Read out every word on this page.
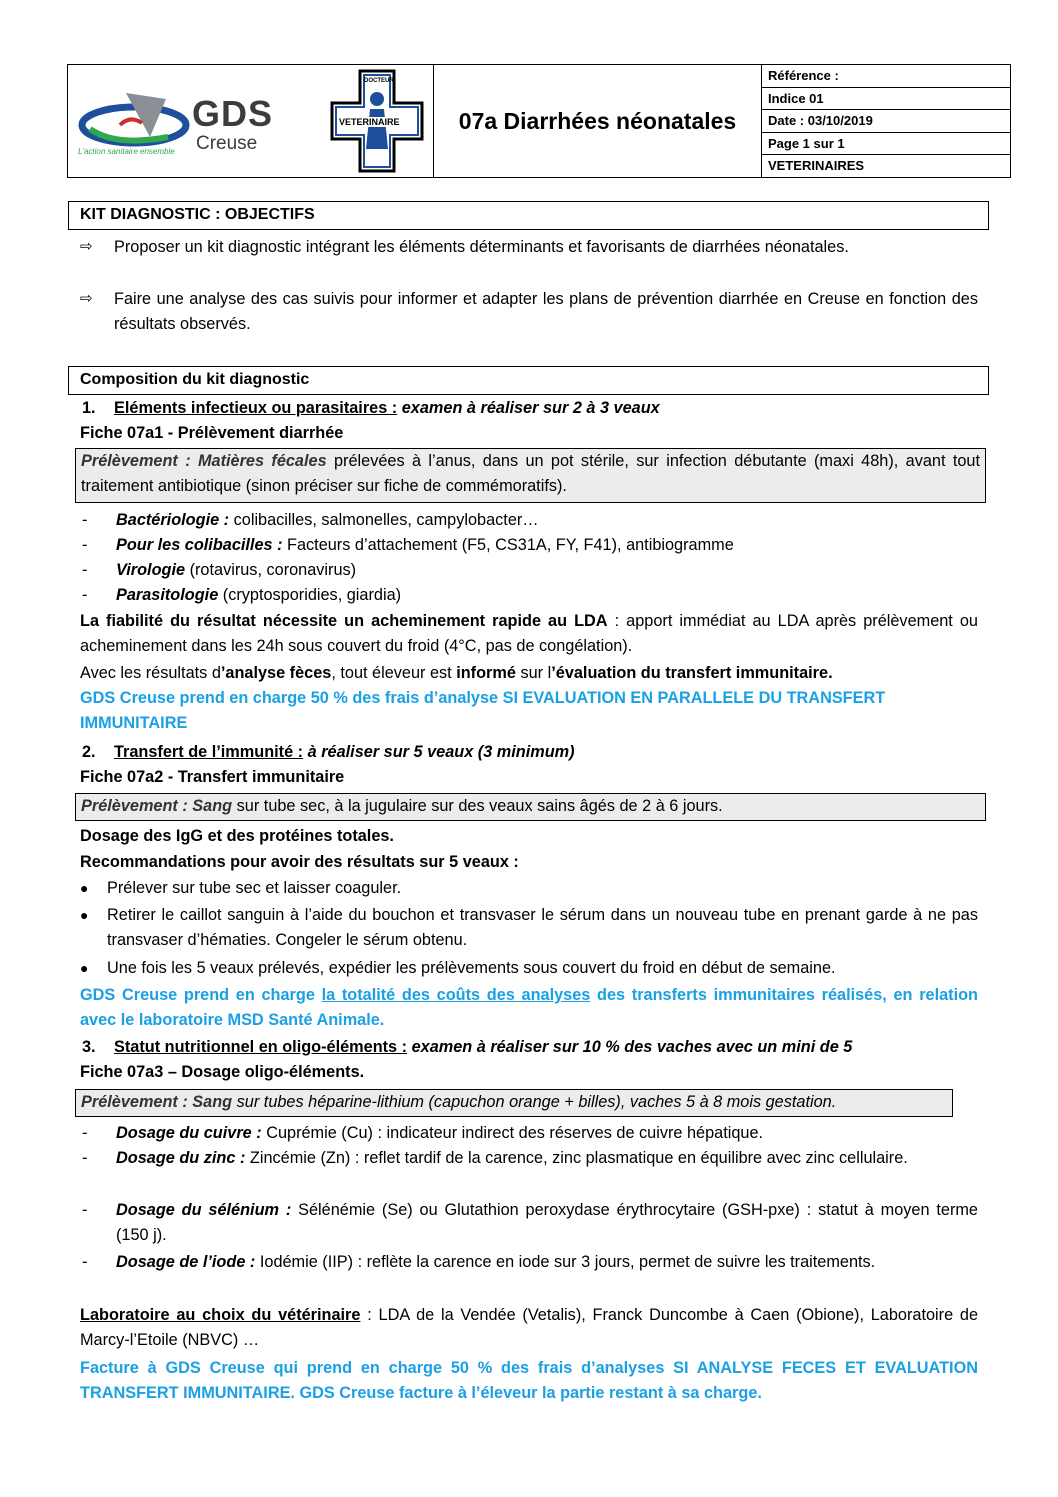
GDS
Creuse
L'action sanitaire ensemble
DOCTEUR
VETERINAIRE	07a Diarrhées néonatales
Référence :
Indice 01
Date : 03/10/2019
Page 1 sur 1
VETERINAIRES
KIT DIAGNOSTIC : OBJECTIFS
⇨	Proposer un kit diagnostic intégrant les éléments déterminants et favorisants de diarrhées néonatales.
⇨	Faire une analyse des cas suivis pour informer et adapter les plans de prévention diarrhée en Creuse en fonction des résultats observés.
Composition du kit diagnostic
1. Eléments infectieux ou parasitaires : examen à réaliser sur 2 à 3 veaux
Fiche 07a1 - Prélèvement diarrhée
Prélèvement : Matières fécales prélevées à l’anus, dans un pot stérile, sur infection débutante (maxi 48h), avant tout traitement antibiotique (sinon préciser sur fiche de commémoratifs).
- Bactériologie : colibacilles, salmonelles, campylobacter…
- Pour les colibacilles : Facteurs d’attachement (F5, CS31A, FY, F41), antibiogramme
- Virologie (rotavirus, coronavirus)
- Parasitologie (cryptosporidies, giardia)
La fiabilité du résultat nécessite un acheminement rapide au LDA : apport immédiat au LDA après prélèvement ou acheminement dans les 24h sous couvert du froid (4°C, pas de congélation).
Avec les résultats d’analyse fèces, tout éleveur est informé sur l’évaluation du transfert immunitaire.
GDS Creuse prend en charge 50 % des frais d’analyse SI EVALUATION EN PARALLELE DU TRANSFERT IMMUNITAIRE
2. Transfert de l’immunité : à réaliser sur 5 veaux (3 minimum)
Fiche 07a2 - Transfert immunitaire
Prélèvement : Sang sur tube sec, à la jugulaire sur des veaux sains âgés de 2 à 6 jours.
Dosage des IgG et des protéines totales.
Recommandations pour avoir des résultats sur 5 veaux :
● Prélever sur tube sec et laisser coaguler.
● Retirer le caillot sanguin à l’aide du bouchon et transvaser le sérum dans un nouveau tube en prenant garde à ne pas transvaser d’hématies. Congeler le sérum obtenu.
● Une fois les 5 veaux prélevés, expédier les prélèvements sous couvert du froid en début de semaine.
GDS Creuse prend en charge la totalité des coûts des analyses des transferts immunitaires réalisés, en relation avec le laboratoire MSD Santé Animale.
3. Statut nutritionnel en oligo-éléments : examen à réaliser sur 10 % des vaches avec un mini de 5
Fiche 07a3 – Dosage oligo-éléments.
Prélèvement : Sang sur tubes héparine-lithium (capuchon orange + billes), vaches 5 à 8 mois gestation.
- Dosage du cuivre : Cuprémie (Cu) : indicateur indirect des réserves de cuivre hépatique.
- Dosage du zinc : Zincémie (Zn) : reflet tardif de la carence, zinc plasmatique en équilibre avec zinc cellulaire.
- Dosage du sélénium : Sélénémie (Se) ou Glutathion peroxydase érythrocytaire (GSH-pxe) : statut à moyen terme (150 j).
- Dosage de l’iode : Iodémie (IIP) : reflète la carence en iode sur 3 jours, permet de suivre les traitements.
Laboratoire au choix du vétérinaire : LDA de la Vendée (Vetalis), Franck Duncombe à Caen (Obione), Laboratoire de Marcy-l’Etoile (NBVC) …
Facture à GDS Creuse qui prend en charge 50 % des frais d’analyses SI ANALYSE FECES ET EVALUATION TRANSFERT IMMUNITAIRE. GDS Creuse facture à l’éleveur la partie restant à sa charge.
